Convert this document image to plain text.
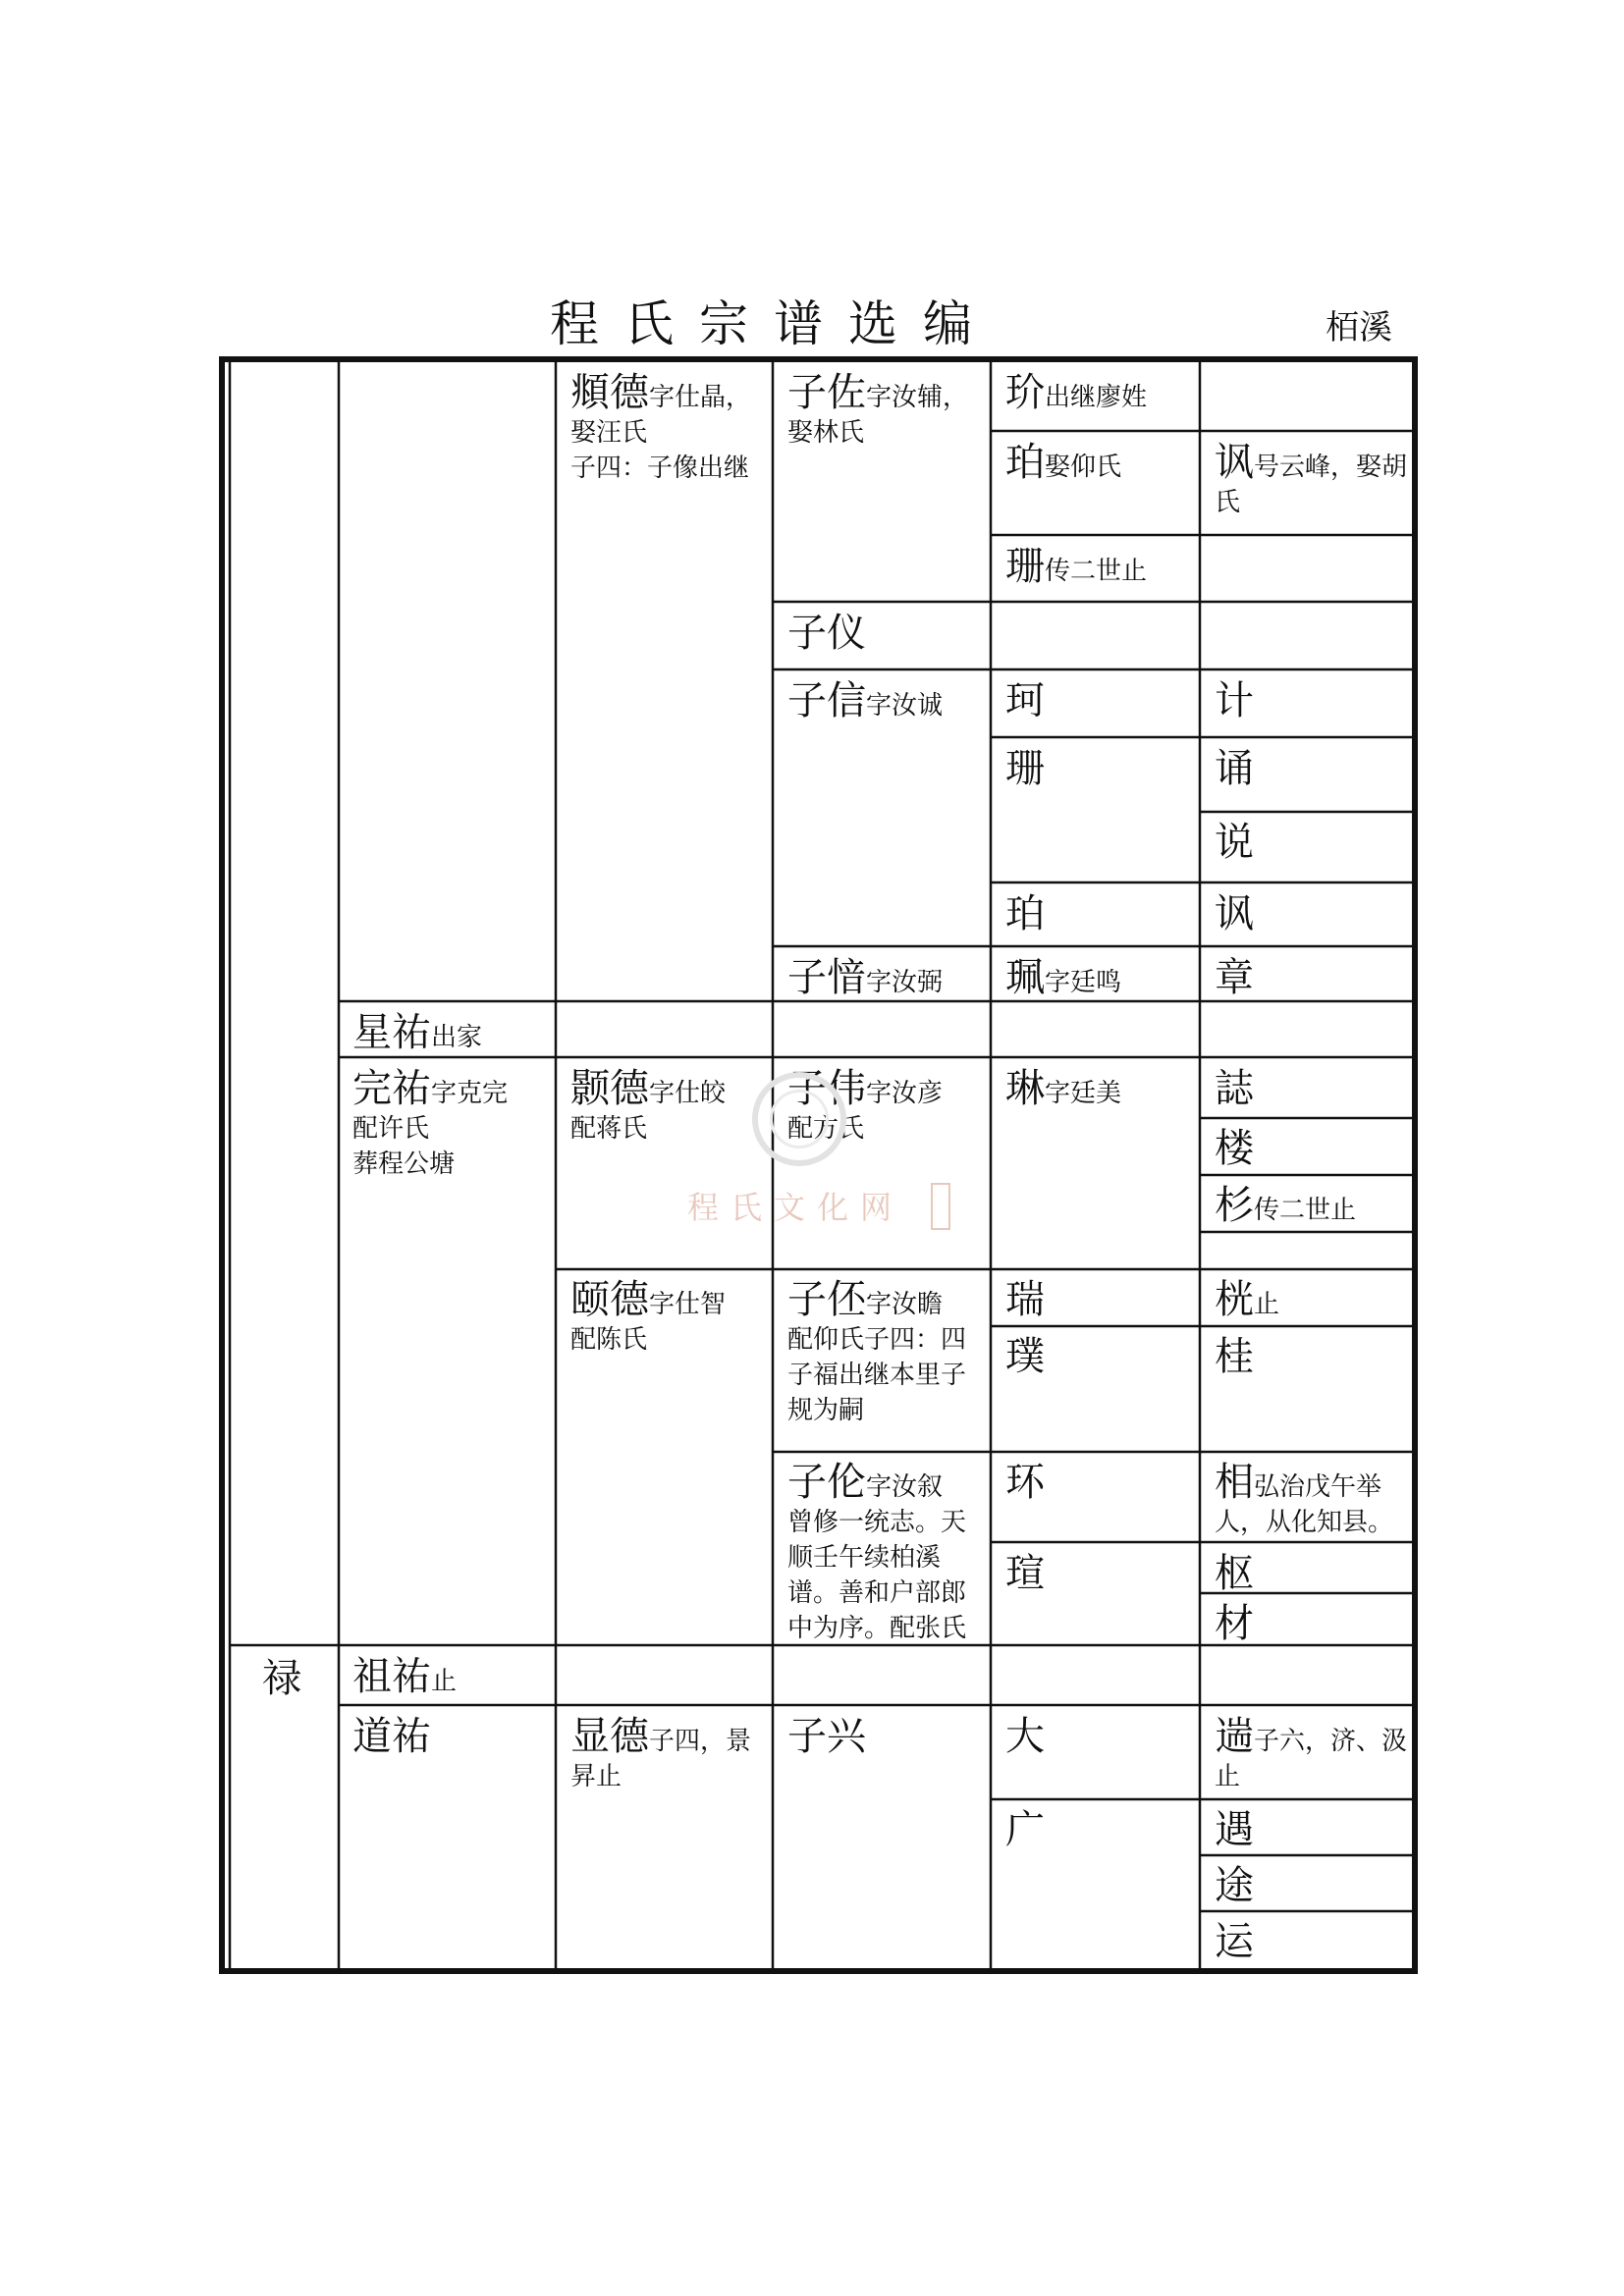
程氏宗谱选编	栢溪
禄
星祐出家
完祐字克完
配许氏
葬程公塘
祖祐止
道祐
頫德字仕晶，
娶汪氏
子四：子像出继
颢德字仕皎
配蒋氏
颐德字仕智
配陈氏
显德子四，景昇止
子佐字汝辅，
娶林氏
子仪
子信字汝诚
子愔字汝弼
子伟字汝彦
配方氏
子伾字汝瞻
配仰氏子四：四子福出继本里子规为嗣
子伦字汝叙
曾修一统志。天顺壬午续柏溪谱。善和户部郎中为序。配张氏
子兴
玠出继廖姓
珀娶仰氏
珊传二世止
珂
珊
珀
珮字廷鸣
琳字廷美
瑞
璞
环
瑄
大
广
讽号云峰，娶胡氏
计
诵
说
讽
章
誌
楼
杉传二世止
桄止
桂
相弘治戊午举人，从化知县。
枢
材
遄子六，济、汲止
遇
途
运
程氏文化网
